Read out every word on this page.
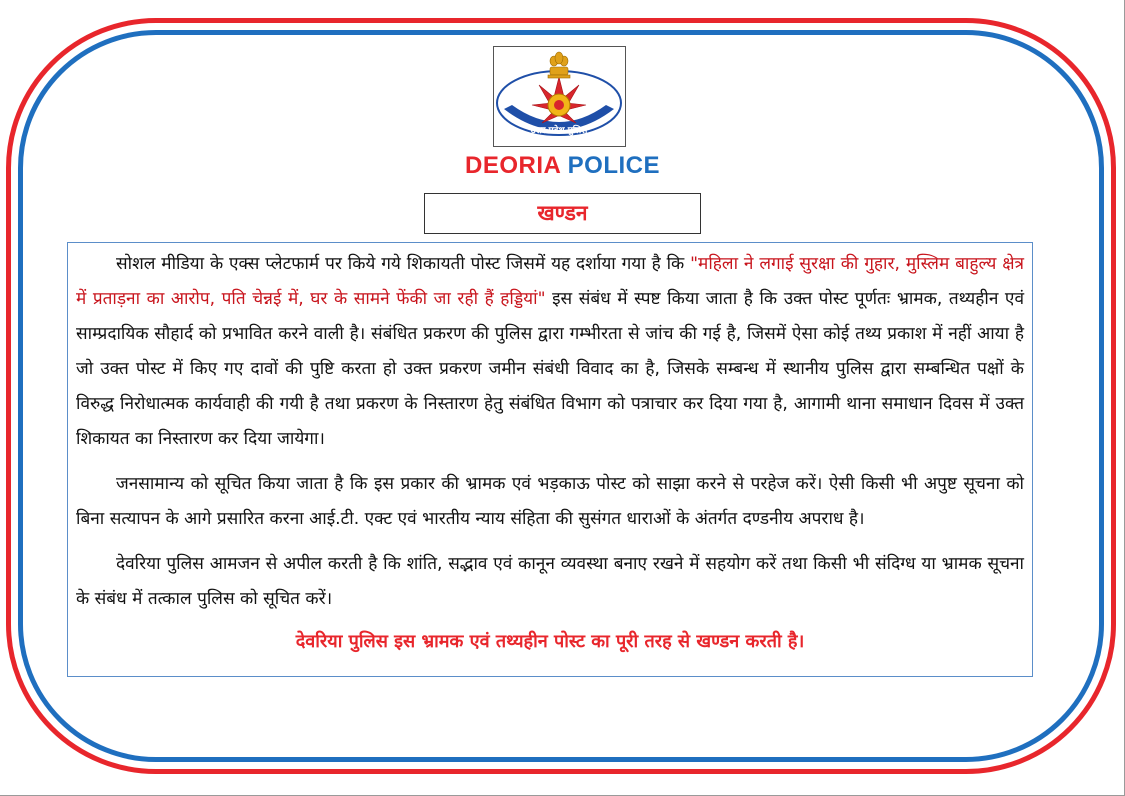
उत्तर प्रदेश पुलिस
DEORIA POLICE
खण्डन

सोशल मीडिया के एक्स प्लेटफार्म पर किये गये शिकायती पोस्ट जिसमें यह दर्शाया गया है कि "महिला ने लगाई सुरक्षा की गुहार, मुस्लिम बाहुल्य क्षेत्र में प्रताड़ना का आरोप, पति चेन्नई में, घर के सामने फेंकी जा रही हैं हड्डियां" इस संबंध में स्पष्ट किया जाता है कि उक्त पोस्ट पूर्णतः भ्रामक, तथ्यहीन एवं साम्प्रदायिक सौहार्द को प्रभावित करने वाली है। संबंधित प्रकरण की पुलिस द्वारा गम्भीरता से जांच की गई है, जिसमें ऐसा कोई तथ्य प्रकाश में नहीं आया है जो उक्त पोस्ट में किए गए दावों की पुष्टि करता हो उक्त प्रकरण जमीन संबंधी विवाद का है, जिसके सम्बन्ध में स्थानीय पुलिस द्वारा सम्बन्धित पक्षों के विरुद्ध निरोधात्मक कार्यवाही की गयी है तथा प्रकरण के निस्तारण हेतु संबंधित विभाग को पत्राचार कर दिया गया है, आगामी थाना समाधान दिवस में उक्त शिकायत का निस्तारण कर दिया जायेगा।

जनसामान्य को सूचित किया जाता है कि इस प्रकार की भ्रामक एवं भड़काऊ पोस्ट को साझा करने से परहेज करें। ऐसी किसी भी अपुष्ट सूचना को बिना सत्यापन के आगे प्रसारित करना आई.टी. एक्ट एवं भारतीय न्याय संहिता की सुसंगत धाराओं के अंतर्गत दण्डनीय अपराध है।

देवरिया पुलिस आमजन से अपील करती है कि शांति, सद्भाव एवं कानून व्यवस्था बनाए रखने में सहयोग करें तथा किसी भी संदिग्ध या भ्रामक सूचना के संबंध में तत्काल पुलिस को सूचित करें।

देवरिया पुलिस इस भ्रामक एवं तथ्यहीन पोस्ट का पूरी तरह से खण्डन करती है।
